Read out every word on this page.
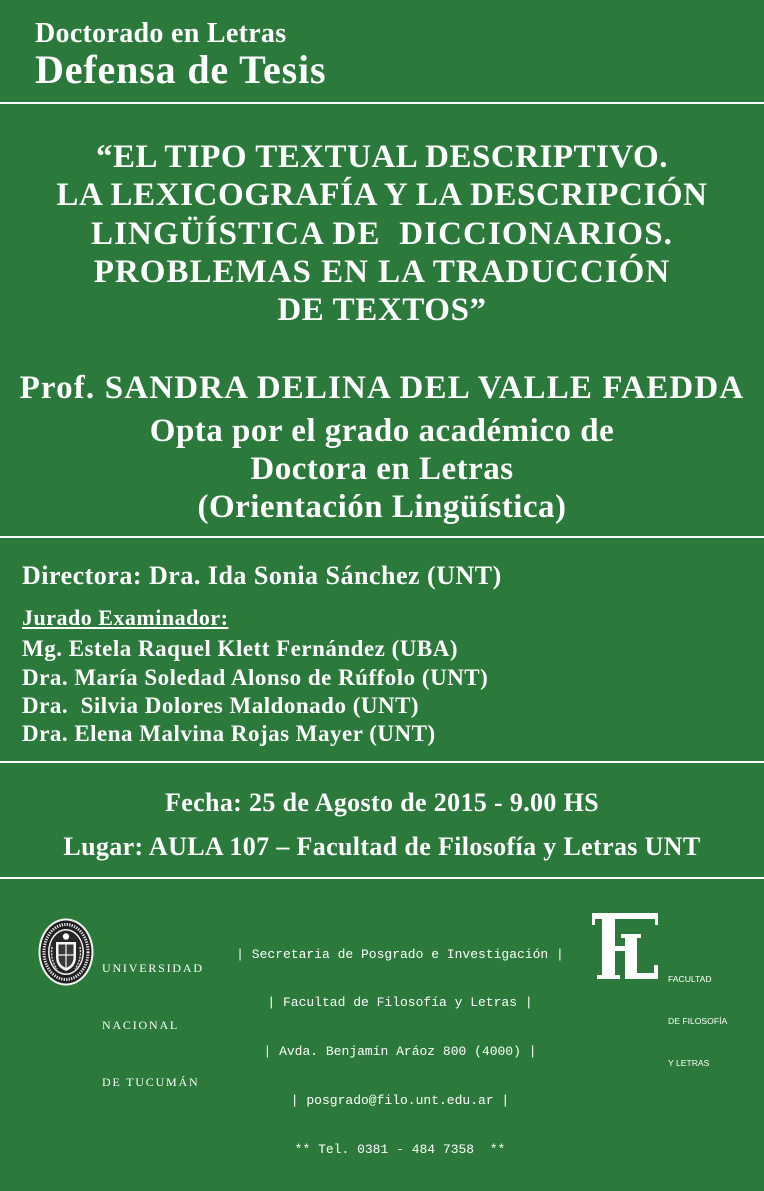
Doctorado en Letras
Defensa de Tesis
“EL TIPO TEXTUAL DESCRIPTIVO.
LA LEXICOGRAFÍA Y LA DESCRIPCIÓN
LINGÜÍSTICA DE  DICCIONARIOS.
PROBLEMAS EN LA TRADUCCIÓN
DE TEXTOS”
Prof. SANDRA DELINA DEL VALLE FAEDDA
Opta por el grado académico de
Doctora en Letras
(Orientación Lingüística)
Directora: Dra. Ida Sonia Sánchez (UNT)
Jurado Examinador:
Mg. Estela Raquel Klett Fernández (UBA)
Dra. María Soledad Alonso de Rúffolo (UNT)
Dra.  Silvia Dolores Maldonado (UNT)
Dra. Elena Malvina Rojas Mayer (UNT)
Fecha: 25 de Agosto de 2015 - 9.00 HS
Lugar: AULA 107 – Facultad de Filosofía y Letras UNT

UNIVERSIDAD

NACIONAL

DE TUCUMÁN

| Secretaria de Posgrado e Investigación |

| Facultad de Filosofía y Letras |

| Avda. Benjamín Aráoz 800 (4000) |

| posgrado@filo.unt.edu.ar |

** Tel. 0381 - 484 7358  **

FACULTAD

DE FILOSOFÍA

Y LETRAS
